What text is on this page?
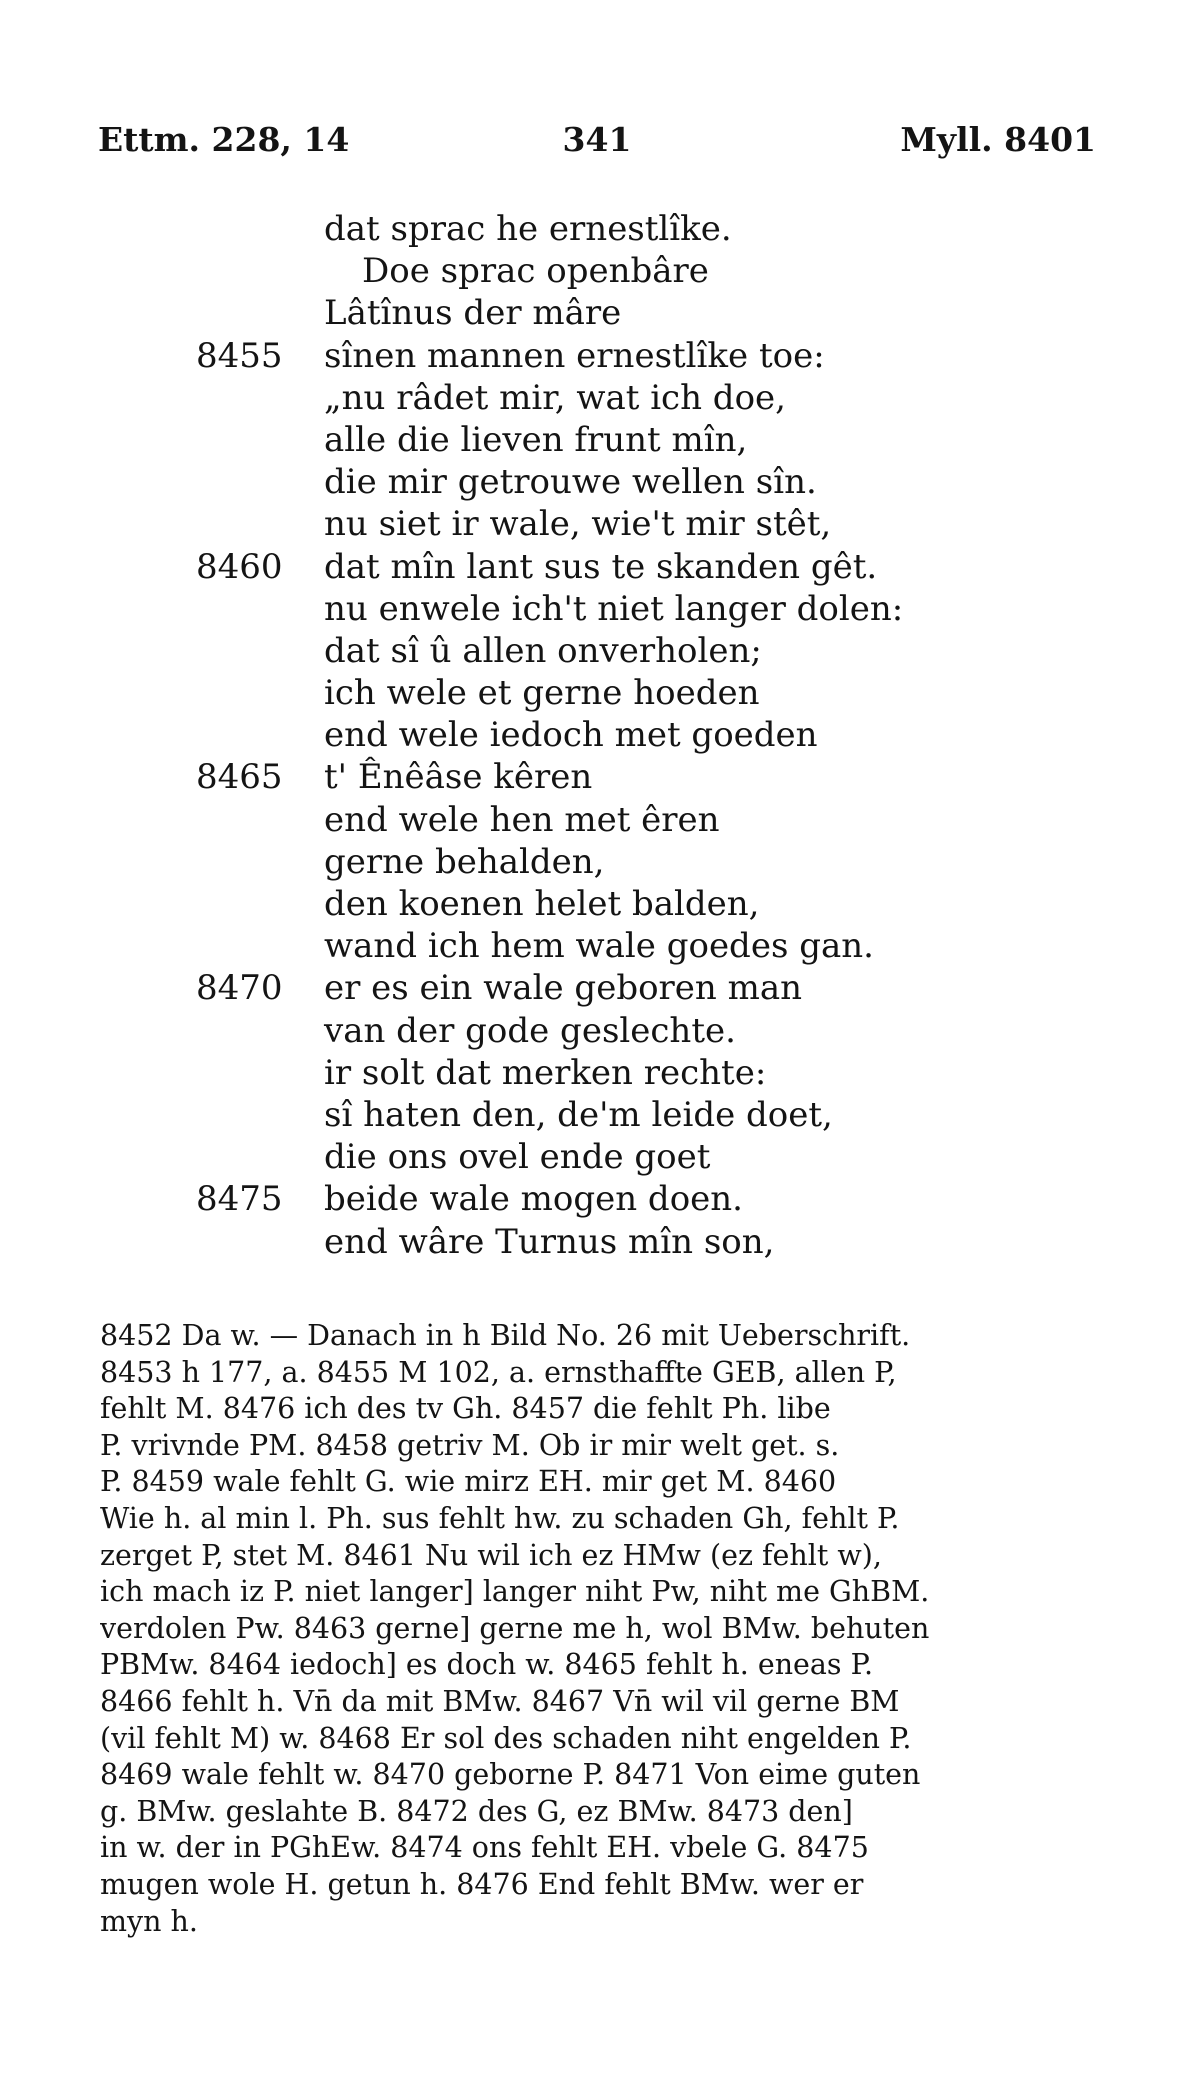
Ettm. 228, 14	341	Myll. 8401
dat sprac he ernestlîke.
Doe sprac openbâre
Lâtînus der mâre
8455 sînen mannen ernestlîke toe:
„nu râdet mir, wat ich doe,
alle die lieven frunt mîn,
die mir getrouwe wellen sîn.
nu siet ir wale, wie't mir stêt,
8460 dat mîn lant sus te skanden gêt.
nu enwele ich't niet langer dolen:
dat sî û allen onverholen;
ich wele et gerne hoeden
end wele iedoch met goeden
8465 t' Ênêâse kêren
end wele hen met êren
gerne behalden,
den koenen helet balden,
wand ich hem wale goedes gan.
8470 er es ein wale geboren man
van der gode geslechte.
ir solt dat merken rechte:
sî haten den, de'm leide doet,
die ons ovel ende goet
8475 beide wale mogen doen.
end wâre Turnus mîn son,
8452 Da w. — Danach in h Bild No. 26 mit Ueberschrift.
8453 h 177, a. 8455 M 102, a. ernsthaffte GEB, allen P,
fehlt M. 8476 ich des tv Gh. 8457 die fehlt Ph. libe
P. vrivnde PM. 8458 getriv M. Ob ir mir welt get. s.
P. 8459 wale fehlt G. wie mirz EH. mir get M. 8460
Wie h. al min l. Ph. sus fehlt hw. zu schaden Gh, fehlt P.
zerget P, stet M. 8461 Nu wil ich ez HMw (ez fehlt w),
ich mach iz P. niet langer] langer niht Pw, niht me GhBM.
verdolen Pw. 8463 gerne] gerne me h, wol BMw. behuten
PBMw. 8464 iedoch] es doch w. 8465 fehlt h. eneas P.
8466 fehlt h. Vn̄ da mit BMw. 8467 Vn̄ wil vil gerne BM
(vil fehlt M) w. 8468 Er sol des schaden niht engelden P.
8469 wale fehlt w. 8470 geborne P. 8471 Von eime guten
g. BMw. geslahte B. 8472 des G, ez BMw. 8473 den]
in w. der in PGhEw. 8474 ons fehlt EH. vbele G. 8475
mugen wole H. getun h. 8476 End fehlt BMw. wer er
myn h.
